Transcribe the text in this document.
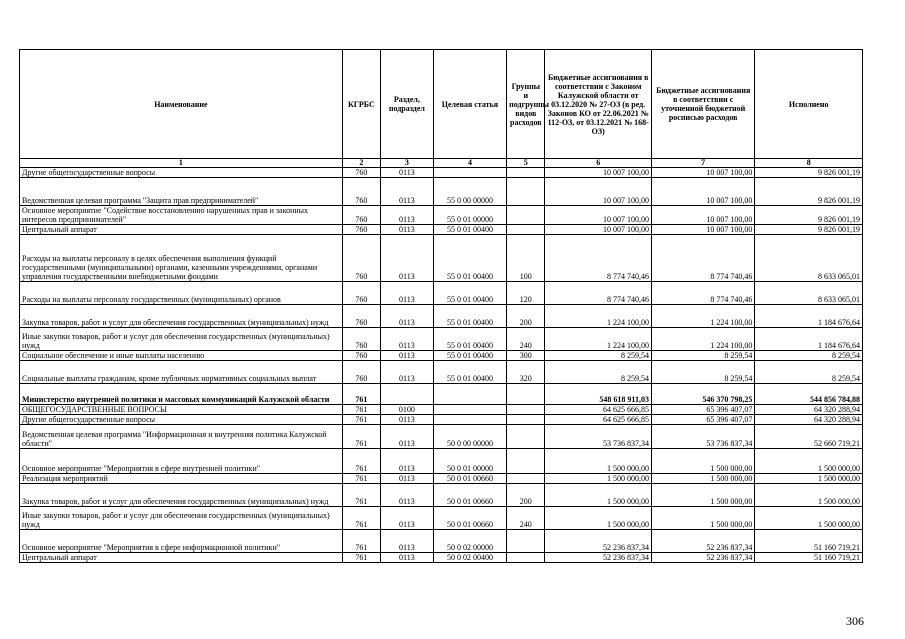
Наименование	КГРБС	Раздел, подраздел	Целевая статья	Группы и подгруппы видов расходов	Бюджетные ассигнования в соответствии с Законом Калужской области от 03.12.2020 № 27-ОЗ (в ред. Законов КО от 22.06.2021 № 112-ОЗ, от 03.12.2021 № 168-ОЗ)	Бюджетные ассигнования в соответствии с уточненной бюджетной росписью расходов	Исполнено
1	2	3	4	5	6	7	8
Другие общегосударственные вопросы	760	0113			10 007 100,00	10 007 100,00	9 826 001,19
Ведомственная целевая программа "Защита прав предпринимателей"	760	0113	55 0 00 00000		10 007 100,00	10 007 100,00	9 826 001,19
Основное мероприятие "Содействие восстановлению нарушенных прав и законных интересов предпринимателей"	760	0113	55 0 01 00000		10 007 100,00	10 007 100,00	9 826 001,19
Центральный аппарат	760	0113	55 0 01 00400		10 007 100,00	10 007 100,00	9 826 001,19
Расходы на выплаты персоналу в целях обеспечения выполнения функций государственными (муниципальными) органами, казенными учреждениями, органами управления государственными внебюджетными фондами	760	0113	55 0 01 00400	100	8 774 740,46	8 774 740,46	8 633 065,01
Расходы на выплаты персоналу государственных (муниципальных) органов	760	0113	55 0 01 00400	120	8 774 740,46	8 774 740,46	8 633 065,01
Закупка товаров, работ и услуг для обеспечения государственных (муниципальных) нужд	760	0113	55 0 01 00400	200	1 224 100,00	1 224 100,00	1 184 676,64
Иные закупки товаров, работ и услуг для обеспечения государственных (муниципальных) нужд	760	0113	55 0 01 00400	240	1 224 100,00	1 224 100,00	1 184 676,64
Социальное обеспечение и иные выплаты населению	760	0113	55 0 01 00400	300	8 259,54	8 259,54	8 259,54
Социальные выплаты гражданам, кроме публичных нормативных социальных выплат	760	0113	55 0 01 00400	320	8 259,54	8 259,54	8 259,54
Министерство внутренней политики и массовых коммуникаций Калужской области	761				548 618 911,03	546 370 798,25	544 856 784,88
ОБЩЕГОСУДАРСТВЕННЫЕ ВОПРОСЫ	761	0100			64 625 666,85	65 396 407,07	64 320 288,94
Другие общегосударственные вопросы	761	0113			64 625 666,85	65 396 407,07	64 320 288,94
Ведомственная целевая программа "Информационная и внутренняя политика Калужской области"	761	0113	50 0 00 00000		53 736 837,34	53 736 837,34	52 660 719,21
Основное мероприятие "Мероприятия в сфере внутренней политики"	761	0113	50 0 01 00000		1 500 000,00	1 500 000,00	1 500 000,00
Реализация мероприятий	761	0113	50 0 01 00660		1 500 000,00	1 500 000,00	1 500 000,00
Закупка товаров, работ и услуг для обеспечения государственных (муниципальных) нужд	761	0113	50 0 01 00660	200	1 500 000,00	1 500 000,00	1 500 000,00
Иные закупки товаров, работ и услуг для обеспечения государственных (муниципальных) нужд	761	0113	50 0 01 00660	240	1 500 000,00	1 500 000,00	1 500 000,00
Основное мероприятие "Мероприятия в сфере информационной политики"	761	0113	50 0 02 00000		52 236 837,34	52 236 837,34	51 160 719,21
Центральный аппарат	761	0113	50 0 02 00400		52 236 837,34	52 236 837,34	51 160 719,21
306
